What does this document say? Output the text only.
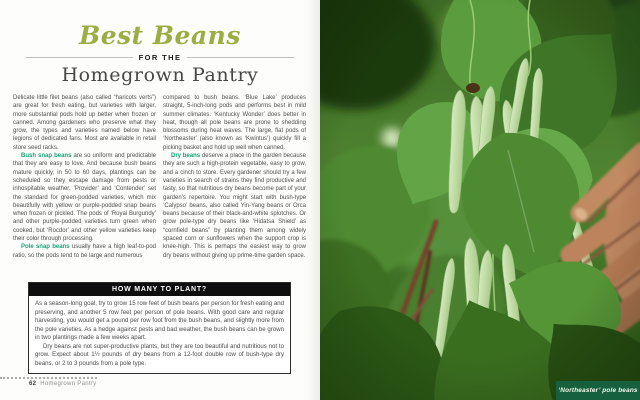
Best Beans
FOR THE
Homegrown Pantry

Delicate little filet beans (also called “haricots verts”) are great for fresh eating, but varieties with larger, more substantial pods hold up better when frozen or canned. Among gardeners who preserve what they grow, the types and varieties named below have legions of dedicated fans. Most are available in retail store seed racks.

Bush snap beans are so uniform and predictable that they are easy to love. And because bush beans mature quickly, in 50 to 60 days, plantings can be scheduled so they escape damage from pests or inhospitable weather. ‘Provider’ and ‘Contender’ set the standard for green-podded varieties, which mix beautifully with yellow or purple-podded snap beans when frozen or pickled. The pods of ‘Royal Burgundy’ and other purple-podded varieties turn green when cooked, but ‘Rocdor’ and other yellow varieties keep their color through processing.

Pole snap beans usually have a high leaf-to-pod ratio, so the pods tend to be large and numerous

compared to bush beans. ‘Blue Lake’ produces straight, 5-inch-long pods and performs best in mild summer climates. ‘Kentucky Wonder’ does better in heat, though all pole beans are prone to shedding blossoms during heat waves. The large, flat pods of ‘Northeaster’ (also known as ‘Kwintus’) quickly fill a picking basket and hold up well when canned.

Dry beans deserve a place in the garden because they are such a high-protein vegetable, easy to grow, and a cinch to store. Every gardener should try a few varieties in search of strains they find productive and tasty, so that nutritious dry beans become part of your garden’s repertoire. You might start with bush-type ‘Calypso’ beans, also called Yin-Yang beans or Orca beans because of their black-and-white splotches. Or grow pole-type dry beans like ‘Hidatsa Shield’ as “cornfield beans” by planting them among widely spaced corn or sunflowers when the support crop is knee-high. This is perhaps the easiest way to grow dry beans without giving up prime-time garden space.

HOW MANY TO PLANT?

As a season-long goal, try to grow 15 row feet of bush beans per person for fresh eating and preserving, and another 5 row feet per person of pole beans. With good care and regular harvesting, you would get a pound per row foot from the bush beans, and slightly more from the pole varieties. As a hedge against pests and bad weather, the bush beans can be grown in two plantings made a few weeks apart.

Dry beans are not super-productive plants, but they are too beautiful and nutritious not to grow. Expect about 1½ pounds of dry beans from a 12-foot double row of bush-type dry beans, or 2 to 3 pounds from a pole type.

62 Homegrown Pantry
‘Northeaster’ pole beans
